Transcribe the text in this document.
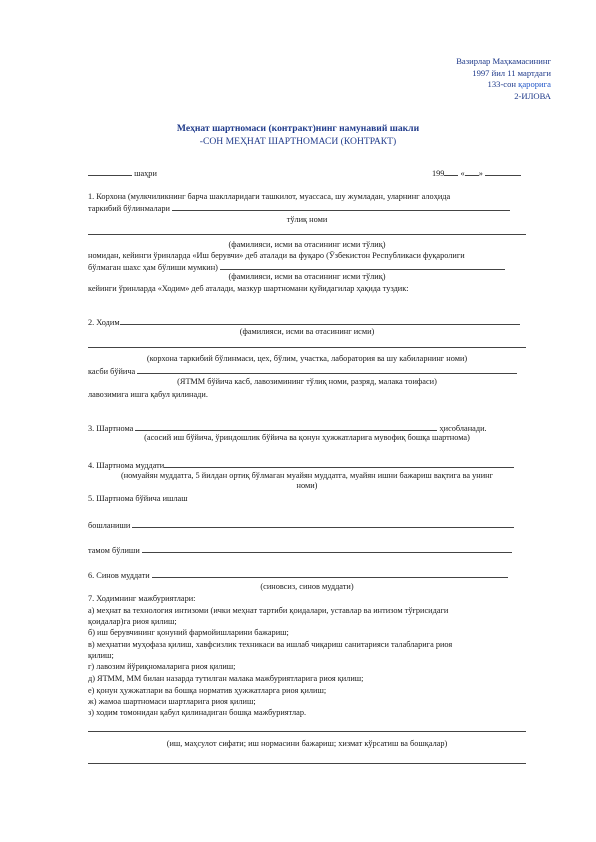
Вазирлар Маҳкамасининг
1997 йил 11 мартдаги
133-сон қарорига
2-ИЛОВА
Меҳнат шартномаси (контракт)нинг намунавий шакли
-СОН МЕҲНАТ ШАРТНОМАСИ (КОНТРАКТ)
шаҳри	199 « »
1. Корхона (мулкчиликнинг барча шаклларидаги ташкилот, муассаса, шу жумладан, уларнинг алоҳида
таркибий бўлинмалари
тўлиқ номи
(фамилияси, исми ва отасининг исми тўлиқ)
номидан, кейинги ўринларда «Иш берувчи» деб аталади ва фуқаро (Ўзбекистон Республикаси фуқаролиги
бўлмаган шахс ҳам бўлиши мумкин)
(фамилияси, исми ва отасининг исми тўлиқ)
кейинги ўринларда «Ходим» деб аталади, мазкур шартномани қуйидагилар ҳақида туздик:
2. Ходим
(фамилияси, исми ва отасининг исми)
(корхона таркибий бўлинмаси, цех, бўлим, участка, лаборатория ва шу кабиларнинг номи)
касби бўйича
(ЯТММ бўйича касб, лавозимининг тўлиқ номи, разряд, малака тоифаси)
лавозимига ишга қабул қилинади.
3. Шартнома	ҳисобланади.
(асосий иш бўйича, ўриндошлик бўйича ва қонун ҳужжатларига мувофиқ бошқа шартнома)
4. Шартнома муддати
(номуайян муддатга, 5 йилдан ортиқ бўлмаган муайян муддатга, муайян ишни бажариш вақтига ва унинг
номи)
5. Шартнома бўйича ишлаш
бошланиши
тамом бўлиши
6. Синов муддати
(синовсиз, синов муддати)
7. Ходимнинг мажбуриятлари:
а) меҳнат ва технология интизоми (ички меҳнат тартиби қоидалари, уставлар ва интизом тўғрисидаги
қоидалар)га риоя қилиш;
б) иш берувчининг қонуний фармойишларини бажариш;
в) меҳнатни муҳофаза қилиш, хавфсизлик техникаси ва ишлаб чиқариш санитарияси талабларига риоя
қилиш;
г) лавозим йўриқномаларига риоя қилиш;
д) ЯТММ, ММ билан назарда тутилган малака мажбуриятларига риоя қилиш;
е) қонун ҳужжатлари ва бошқа норматив ҳужжатларга риоя қилиш;
ж) жамоа шартномаси шартларига риоя қилиш;
з) ходим томонидан қабул қилинадиган бошқа мажбуриятлар.
(иш, маҳсулот сифати; иш нормасини бажариш; хизмат кўрсатиш ва бошқалар)
